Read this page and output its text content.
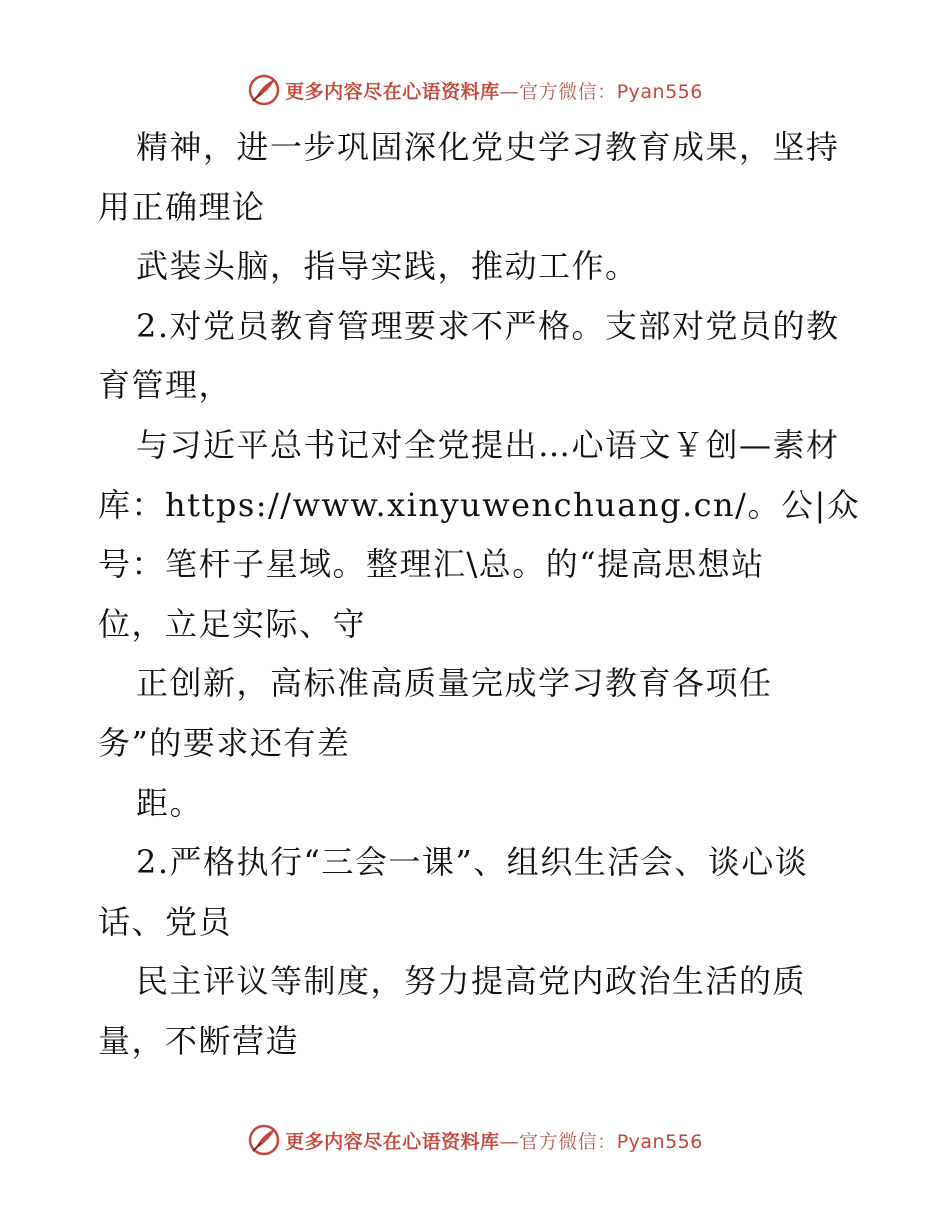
更多内容尽在心语资料库—官方微信：Pyan556
精神，进一步巩固深化党史学习教育成果，坚持
用正确理论
武装头脑，指导实践，推动工作。
2.对党员教育管理要求不严格。支部对党员的教
育管理，
与习近平总书记对全党提出…心语文￥创—素材
库：https://www.xinyuwenchuang.cn/。公|众
号：笔杆子星域。整理汇\总。的“提高思想站
位，立足实际、守
正创新，高标准高质量完成学习教育各项任
务”的要求还有差
距。
2.严格执行“三会一课”、组织生活会、谈心谈
话、党员
民主评议等制度，努力提高党内政治生活的质
量，不断营造
更多内容尽在心语资料库—官方微信：Pyan556
